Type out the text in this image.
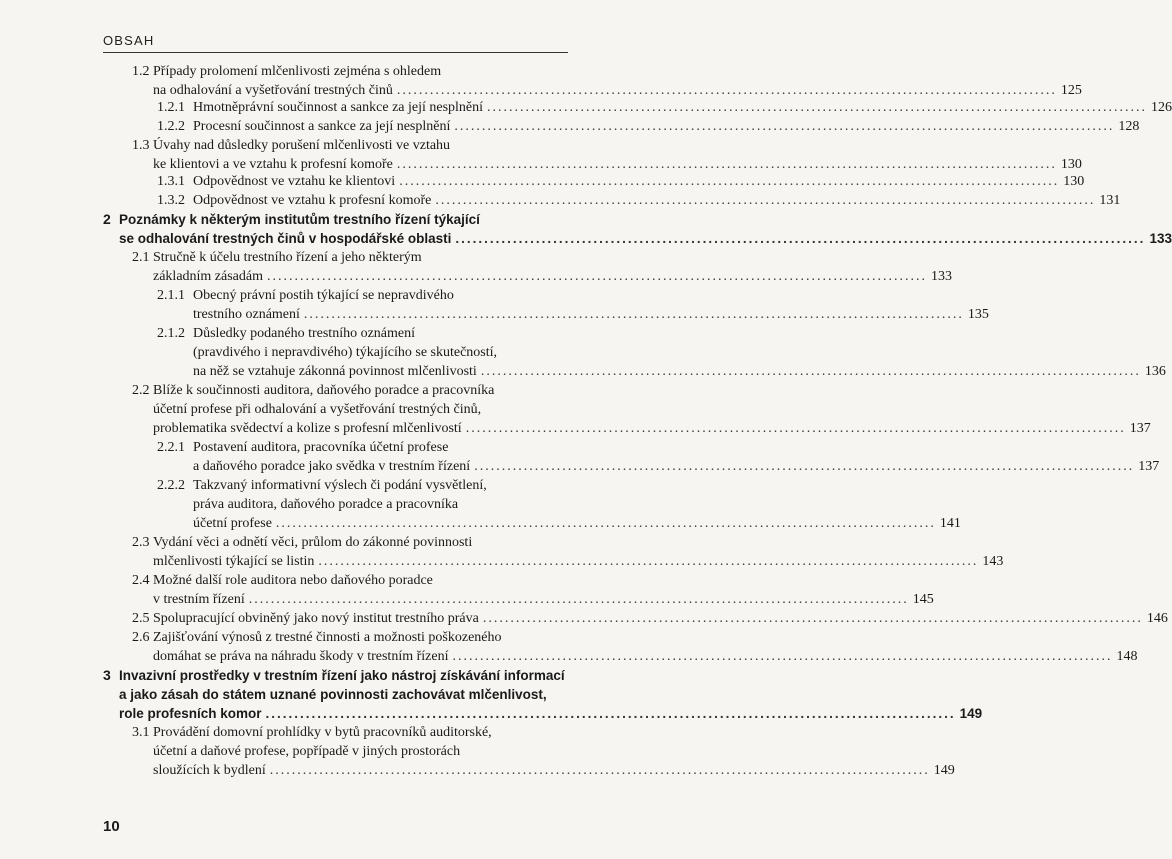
OBSAH
1.2 Případy prolomení mlčenlivosti zejména s ohledem
na odhalování a vyšetřování trestných činů ........................................................................................................................ 125
1.2.1 Hmotněprávní součinnost a sankce za její nesplnění ........................................................................................................................ 126
1.2.2 Procesní součinnost a sankce za její nesplnění ........................................................................................................................ 128
1.3 Úvahy nad důsledky porušení mlčenlivosti ve vztahu
ke klientovi a ve vztahu k profesní komoře ........................................................................................................................ 130
1.3.1 Odpovědnost ve vztahu ke klientovi ........................................................................................................................ 130
1.3.2 Odpovědnost ve vztahu k profesní komoře ........................................................................................................................ 131
2 Poznámky k některým institutům trestního řízení týkající
se odhalování trestných činů v hospodářské oblasti ........................................................................................................................ 133
2.1 Stručně k účelu trestního řízení a jeho některým
základním zásadám ........................................................................................................................ 133
2.1.1 Obecný právní postih týkající se nepravdivého
trestního oznámení ........................................................................................................................ 135
2.1.2 Důsledky podaného trestního oznámení
(pravdivého i nepravdivého) týkajícího se skutečností,
na něž se vztahuje zákonná povinnost mlčenlivosti ........................................................................................................................ 136
2.2 Blíže k součinnosti auditora, daňového poradce a pracovníka
účetní profese při odhalování a vyšetřování trestných činů,
problematika svědectví a kolize s profesní mlčenlivostí ........................................................................................................................ 137
2.2.1 Postavení auditora, pracovníka účetní profese
a daňového poradce jako svědka v trestním řízení ........................................................................................................................ 137
2.2.2 Takzvaný informativní výslech či podání vysvětlení,
práva auditora, daňového poradce a pracovníka
účetní profese ........................................................................................................................ 141
2.3 Vydání věci a odnětí věci, průlom do zákonné povinnosti
mlčenlivosti týkající se listin ........................................................................................................................ 143
2.4 Možné další role auditora nebo daňového poradce
v trestním řízení ........................................................................................................................ 145
2.5 Spolupracující obviněný jako nový institut trestního práva ........................................................................................................................ 146
2.6 Zajišťování výnosů z trestné činnosti a možnosti poškozeného
domáhat se práva na náhradu škody v trestním řízení ........................................................................................................................ 148
3 Invazivní prostředky v trestním řízení jako nástroj získávání informací
a jako zásah do státem uznané povinnosti zachovávat mlčenlivost,
role profesních komor ........................................................................................................................ 149
3.1 Provádění domovní prohlídky v bytů pracovníků auditorské,
účetní a daňové profese, popřípadě v jiných prostorách
sloužících k bydlení ........................................................................................................................ 149
10
